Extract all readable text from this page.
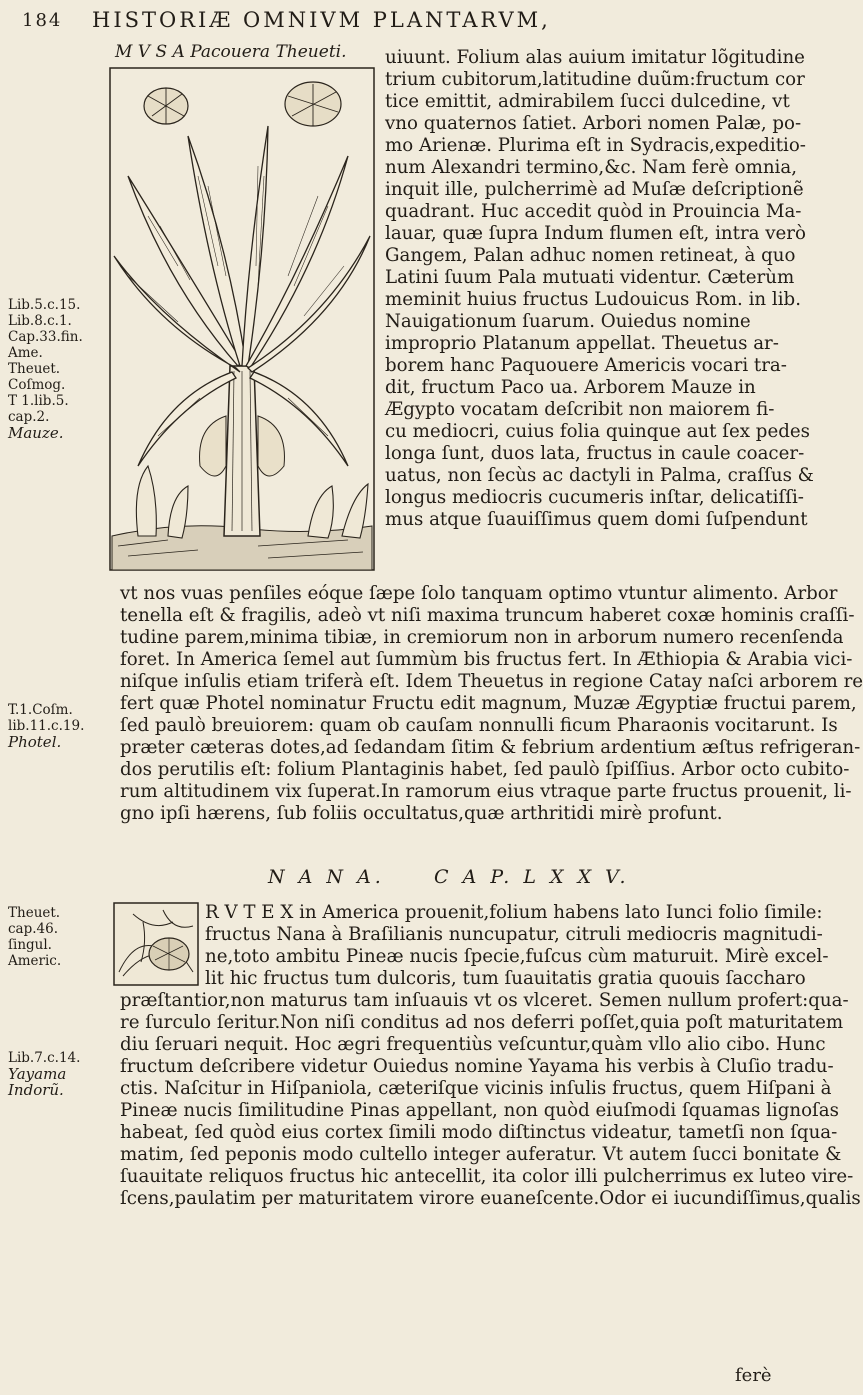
184 HISTORIÆ OMNIVM PLANTARVM,
M V S A Pacouera Theueti.	uiuunt. Folium alas auium imitatur lõgitudine
trium cubitorum,latitudine duũm:fructum cor
tice emittit, admirabilem ſucci dulcedine, vt
vno quaternos ſatiet. Arbori nomen Palæ, po-
mo Arienæ. Plurima eſt in Sydracis,expeditio-
num Alexandri termino,&c. Nam ferè omnia,
inquit ille, pulcherrimè ad Muſæ deſcriptionẽ
quadrant. Huc accedit quòd in Prouincia Ma-
lauar, quæ ſupra Indum flumen eſt, intra verò
Gangem, Palan adhuc nomen retineat, à quo
Latini ſuum Pala mutuati videntur. Cæterùm
meminit huius fructus Ludouicus Rom. in lib.
Nauigationum ſuarum. Ouiedus nomine
improprio Platanum appellat. Theuetus ar-
borem hanc Paquouere Americis vocari tra-
dit, fructum Paco ua. Arborem Mauze in
Ægypto vocatam deſcribit non maiorem fi-
cu mediocri, cuius folia quinque aut ſex pedes
longa ſunt, duos lata, fructus in caule coacer-
uatus, non ſecùs ac dactyli in Palma, craſſus &
longus mediocris cucumeris inſtar, delicatiſſi-
mus atque ſuauiſſimus quem domi ſuſpendunt
vt nos vuas penſiles eóque ſæpe ſolo tanquam optimo vtuntur alimento. Arbor
tenella eſt & fragilis, adeò vt niſi maxima truncum haberet coxæ hominis craſſi-
tudine parem,minima tibiæ, in cremiorum non in arborum numero recenſenda
foret. In America ſemel aut ſummùm bis fructus fert. In Æthiopia & Arabia vici-
niſque inſulis etiam triferà eſt. Idem Theuetus in regione Catay naſci arborem re
fert quæ Photel nominatur Fructu edit magnum, Muzæ Ægyptiæ fructui parem,
ſed paulò breuiorem: quam ob cauſam nonnulli ficum Pharaonis vocitarunt. Is
præter cæteras dotes,ad ſedandam ſitim & febrium ardentium æſtus refrigeran-
dos perutilis eſt: folium Plantaginis habet, ſed paulò ſpiſſius. Arbor octo cubito-
rum altitudinem vix ſuperat.In ramorum eius vtraque parte fructus prouenit, li-
gno ipſi hærens, ſub foliis occultatus,quæ arthritidi mirè profunt.
N A N A.	C A P. L X X V.
R V T E X in America prouenit,folium habens lato Iunci folio ſimile:
fructus Nana à Braſilianis nuncupatur, citruli mediocris magnitudi-
ne,toto ambitu Pineæ nucis ſpecie,fuſcus cùm maturuit. Mirè excel-
lit hic fructus tum dulcoris, tum ſuauitatis gratia quouis ſaccharo
præſtantior,non maturus tam inſuauis vt os vlceret. Semen nullum profert:qua-
re ſurculo ſeritur.Non niſi conditus ad nos deferri poſſet,quia poſt maturitatem
diu ſeruari nequit. Hoc ægri frequentiùs veſcuntur,quàm vllo alio cibo. Hunc
fructum deſcribere videtur Ouiedus nomine Yayama his verbis à Cluſio tradu-
ctis. Naſcitur in Hiſpaniola, cæteriſque vicinis inſulis fructus, quem Hiſpani à
Pineæ nucis ſimilitudine Pinas appellant, non quòd eiuſmodi ſquamas lignoſas
habeat, ſed quòd eius cortex ſimili modo diſtinctus videatur, tametſi non ſqua-
matim, ſed peponis modo cultello integer auferatur. Vt autem ſucci bonitate &
ſuauitate reliquos fructus hic antecellit, ita color illi pulcherrimus ex luteo vire-
ſcens,paulatim per maturitatem virore euaneſcente.Odor ei iucundiſſimus,qualis
ferè
Lib.5.c.15.
Lib.8.c.1.
Cap.33.fin.
Ame.
Theuet.
Coſmog.
T 1.lib.5.
cap.2.
Mauze.
T.1.Coſm.
lib.11.c.19.
Photel.
Theuet.
cap.46.
ſingul.
Americ.
Lib.7.c.14.
Yayama
Indorũ.
